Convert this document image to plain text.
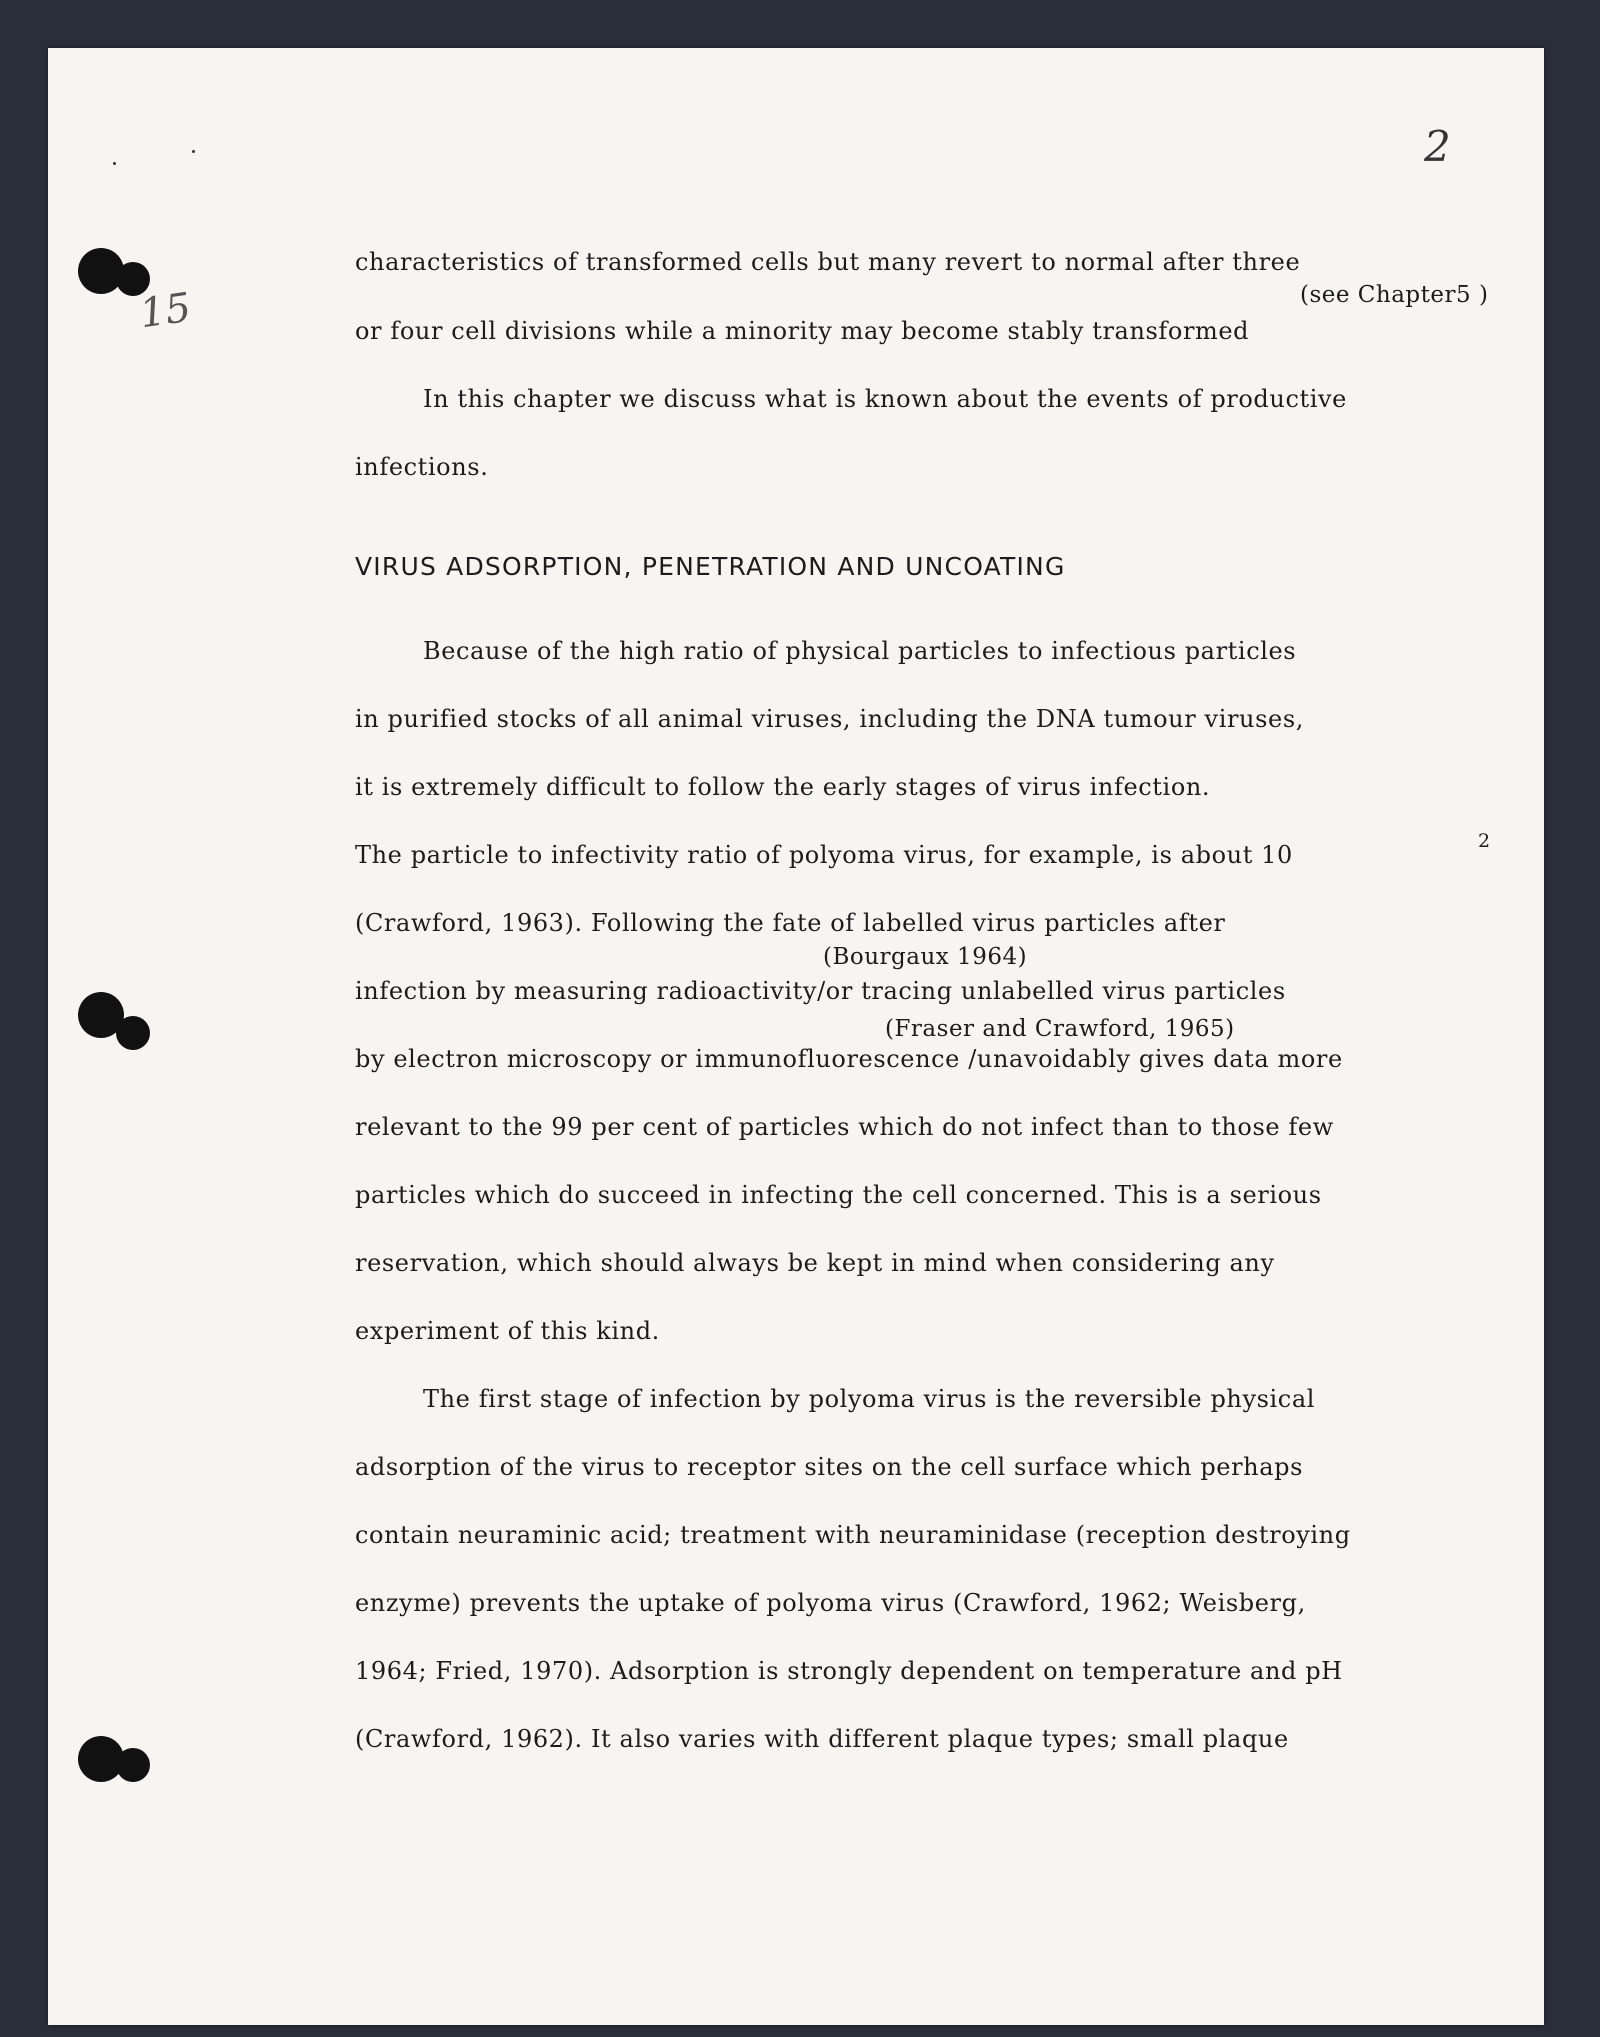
2
15
characteristics of transformed cells but many revert to normal after three
(see Chapter5 )
or four cell divisions while a minority may become stably transformed
In this chapter we discuss what is known about the events of productive
infections.
VIRUS ADSORPTION, PENETRATION AND UNCOATING
Because of the high ratio of physical particles to infectious particles
in purified stocks of all animal viruses, including the DNA tumour viruses,
it is extremely difficult to follow the early stages of virus infection.
The particle to infectivity ratio of polyoma virus, for example, is about 10	2
(Crawford, 1963). Following the fate of labelled virus particles after
(Bourgaux 1964)
infection by measuring radioactivity/or tracing unlabelled virus particles
(Fraser and Crawford, 1965)
by electron microscopy or immunofluorescence /unavoidably gives data more
relevant to the 99 per cent of particles which do not infect than to those few
particles which do succeed in infecting the cell concerned. This is a serious
reservation, which should always be kept in mind when considering any
experiment of this kind.
The first stage of infection by polyoma virus is the reversible physical
adsorption of the virus to receptor sites on the cell surface which perhaps
contain neuraminic acid; treatment with neuraminidase (reception destroying
enzyme) prevents the uptake of polyoma virus (Crawford, 1962; Weisberg,
1964; Fried, 1970). Adsorption is strongly dependent on temperature and pH
(Crawford, 1962). It also varies with different plaque types; small plaque
